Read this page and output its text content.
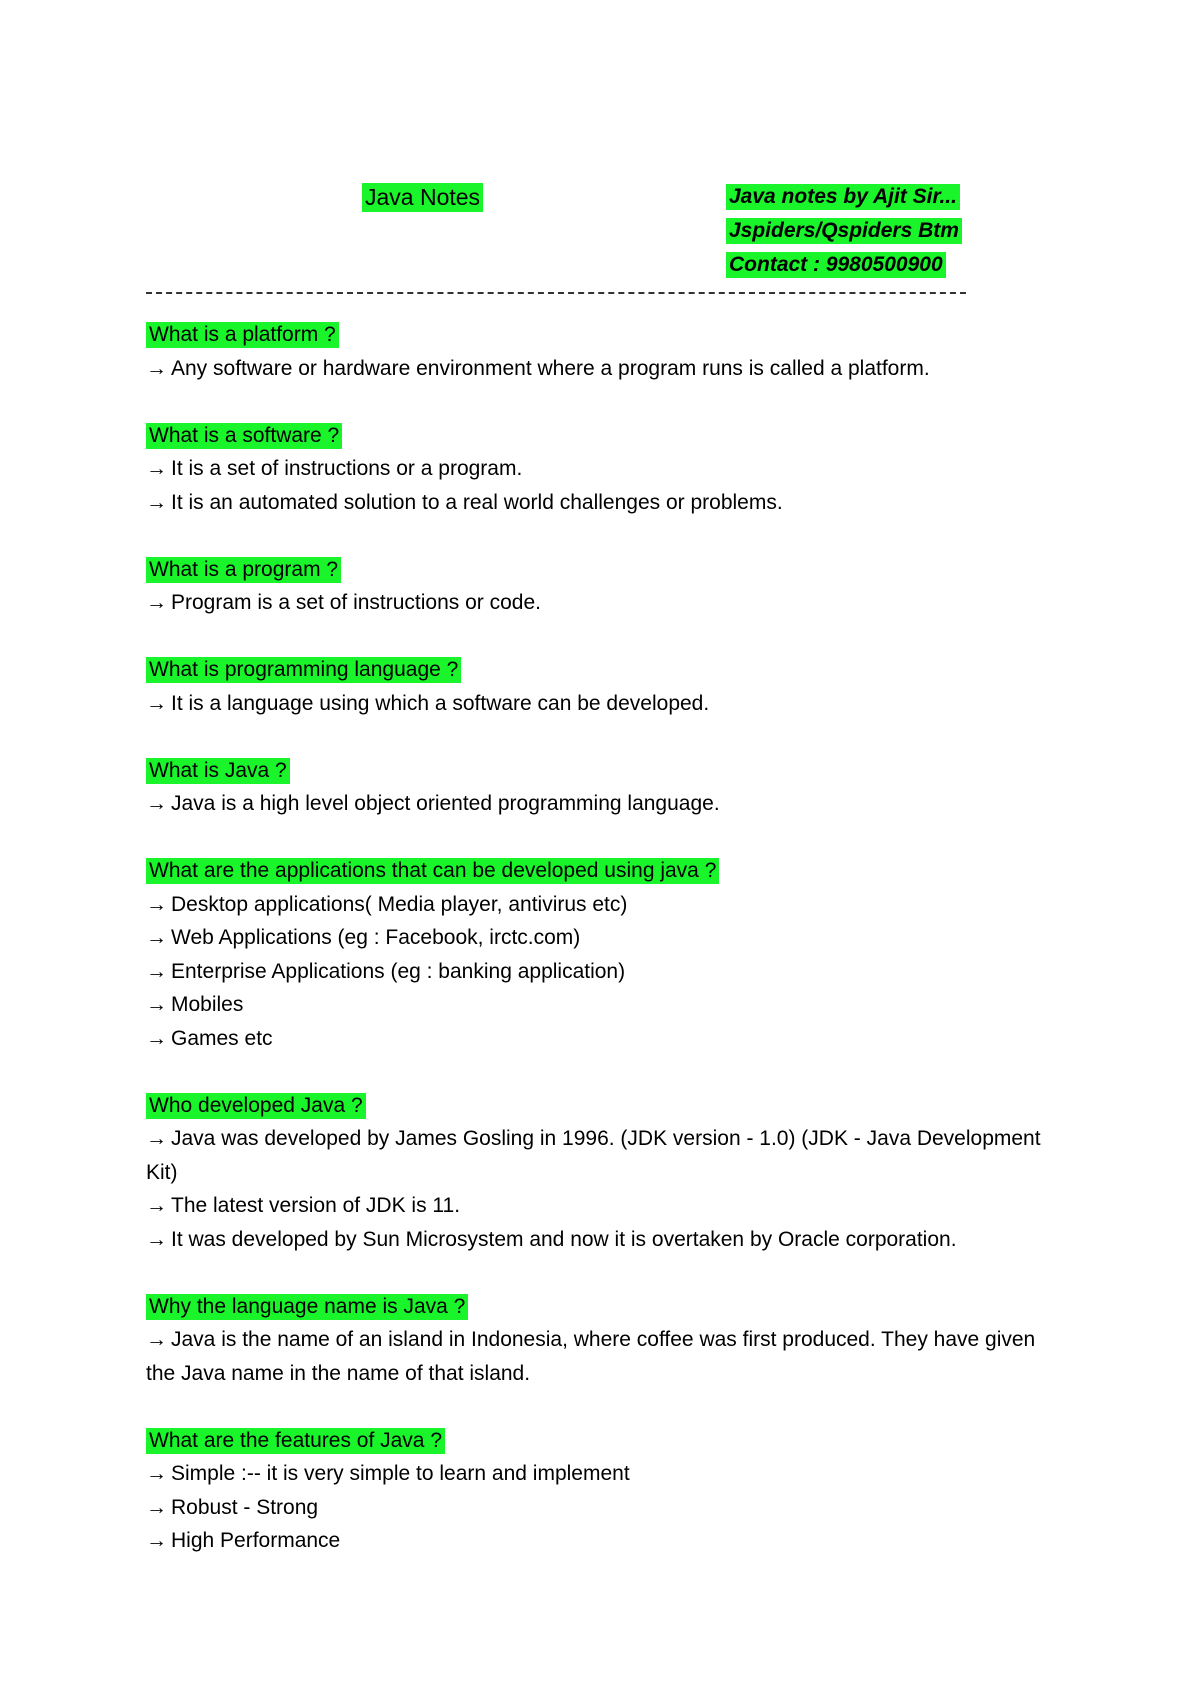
Java Notes	Java notes by Ajit Sir...
Jspiders/Qspiders Btm
Contact : 9980500900
What is a platform ?
→ Any software or hardware environment where a program runs is called a platform.
What is a software ?
→ It is a set of instructions or a program.
→ It is an automated solution to a real world challenges or problems.
What is a program ?
→ Program is a set of instructions or code.
What is programming language ?
→ It is a language using which a software can be developed.
What is Java ?
→ Java is a high level object oriented programming language.
What are the applications that can be developed using java ?
→ Desktop applications( Media player, antivirus etc)
→ Web Applications (eg : Facebook, irctc.com)
→ Enterprise Applications (eg : banking application)
→ Mobiles
→ Games etc
Who developed Java ?
→ Java was developed by James Gosling in 1996. (JDK version - 1.0) (JDK - Java Development Kit)
→ The latest version of JDK is 11.
→ It was developed by Sun Microsystem and now it is overtaken by Oracle corporation.
Why the language name is Java ?
→ Java is the name of an island in Indonesia, where coffee was first produced. They have given the Java name in the name of that island.
What are the features of Java ?
→ Simple :-- it is very simple to learn and implement
→ Robust - Strong
→ High Performance
